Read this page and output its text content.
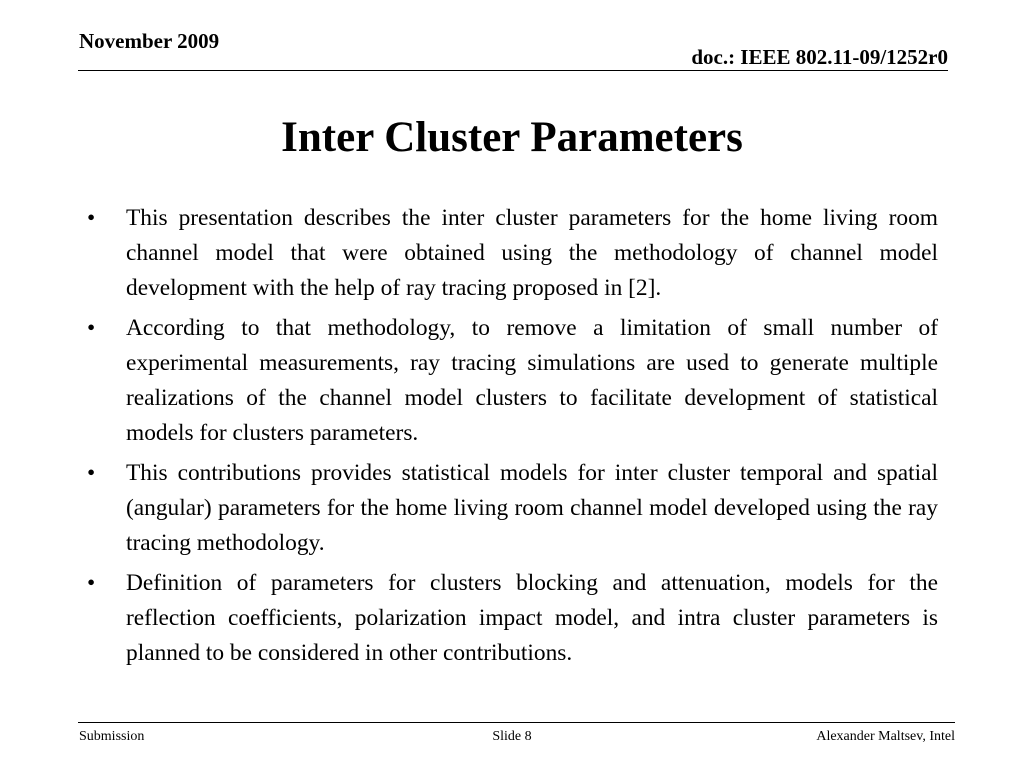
November 2009
doc.: IEEE 802.11-09/1252r0
Inter Cluster Parameters
• This presentation describes the inter cluster parameters for the home living room channel model that were obtained using the methodology of channel model development with the help of ray tracing proposed in [2].
• According to that methodology, to remove a limitation of small number of experimental measurements, ray tracing simulations are used to generate multiple realizations of the channel model clusters to facilitate development of statistical models for clusters parameters.
• This contributions provides statistical models for inter cluster temporal and spatial (angular) parameters for the home living room channel model developed using the ray tracing methodology.
• Definition of parameters for clusters blocking and attenuation, models for the reflection coefficients, polarization impact model, and intra cluster parameters is planned to be considered in other contributions.
Submission	Slide 8	Alexander Maltsev, Intel
